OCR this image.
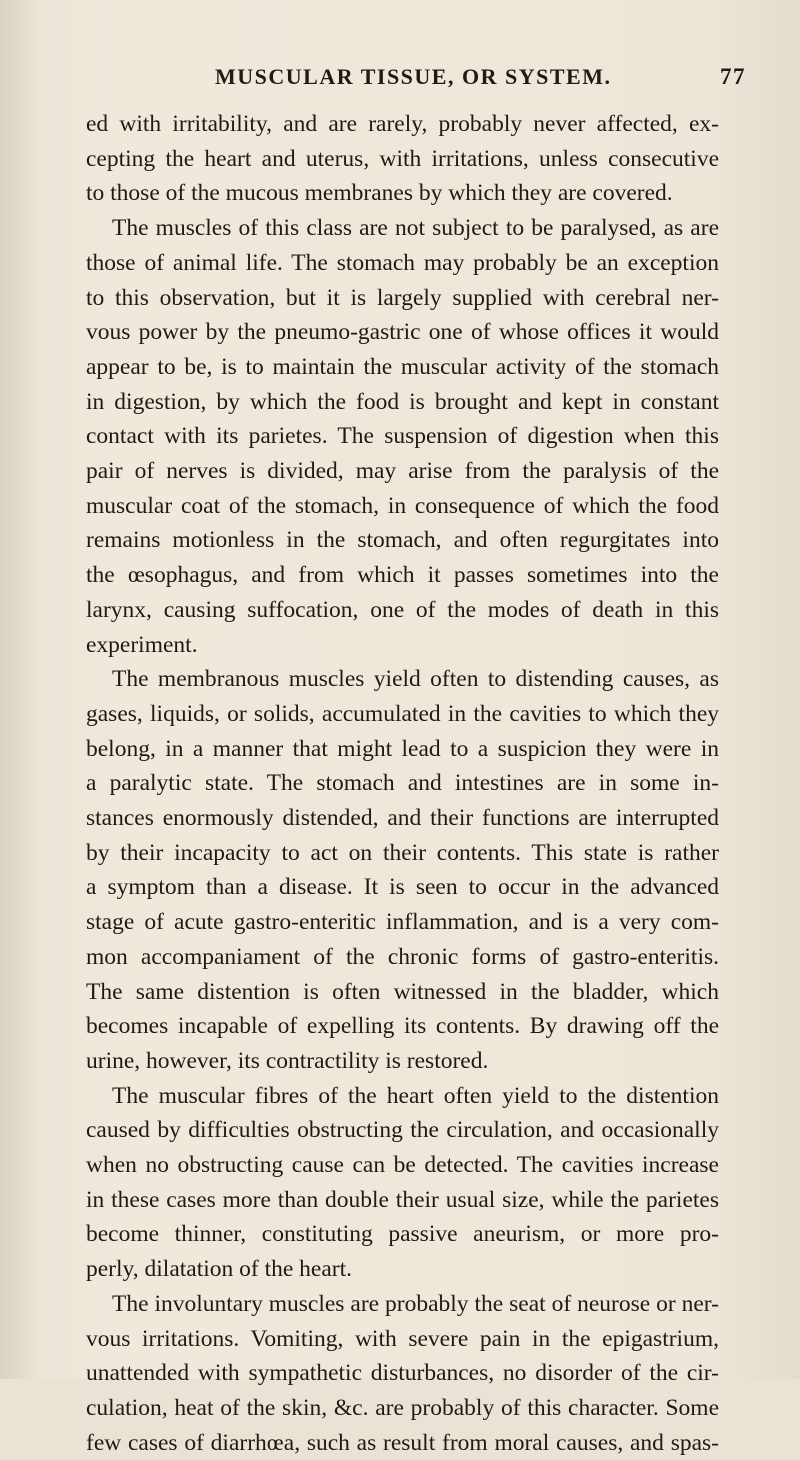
MUSCULAR TISSUE, OR SYSTEM.	77
ed with irritability, and are rarely, probably never affected, ex-
cepting the heart and uterus, with irritations, unless consecutive
to those of the mucous membranes by which they are covered.
The muscles of this class are not subject to be paralysed, as are
those of animal life. The stomach may probably be an exception
to this observation, but it is largely supplied with cerebral ner-
vous power by the pneumo-gastric one of whose offices it would
appear to be, is to maintain the muscular activity of the stomach
in digestion, by which the food is brought and kept in constant
contact with its parietes. The suspension of digestion when this
pair of nerves is divided, may arise from the paralysis of the
muscular coat of the stomach, in consequence of which the food
remains motionless in the stomach, and often regurgitates into
the œsophagus, and from which it passes sometimes into the
larynx, causing suffocation, one of the modes of death in this
experiment.
The membranous muscles yield often to distending causes, as
gases, liquids, or solids, accumulated in the cavities to which they
belong, in a manner that might lead to a suspicion they were in
a paralytic state. The stomach and intestines are in some in-
stances enormously distended, and their functions are interrupted
by their incapacity to act on their contents. This state is rather
a symptom than a disease. It is seen to occur in the advanced
stage of acute gastro-enteritic inflammation, and is a very com-
mon accompaniament of the chronic forms of gastro-enteritis.
The same distention is often witnessed in the bladder, which
becomes incapable of expelling its contents. By drawing off the
urine, however, its contractility is restored.
The muscular fibres of the heart often yield to the distention
caused by difficulties obstructing the circulation, and occasionally
when no obstructing cause can be detected. The cavities increase
in these cases more than double their usual size, while the parietes
become thinner, constituting passive aneurism, or more pro-
perly, dilatation of the heart.
The involuntary muscles are probably the seat of neurose or ner-
vous irritations. Vomiting, with severe pain in the epigastrium,
unattended with sympathetic disturbances, no disorder of the cir-
culation, heat of the skin, &c. are probably of this character. Some
few cases of diarrhœa, such as result from moral causes, and spas-
